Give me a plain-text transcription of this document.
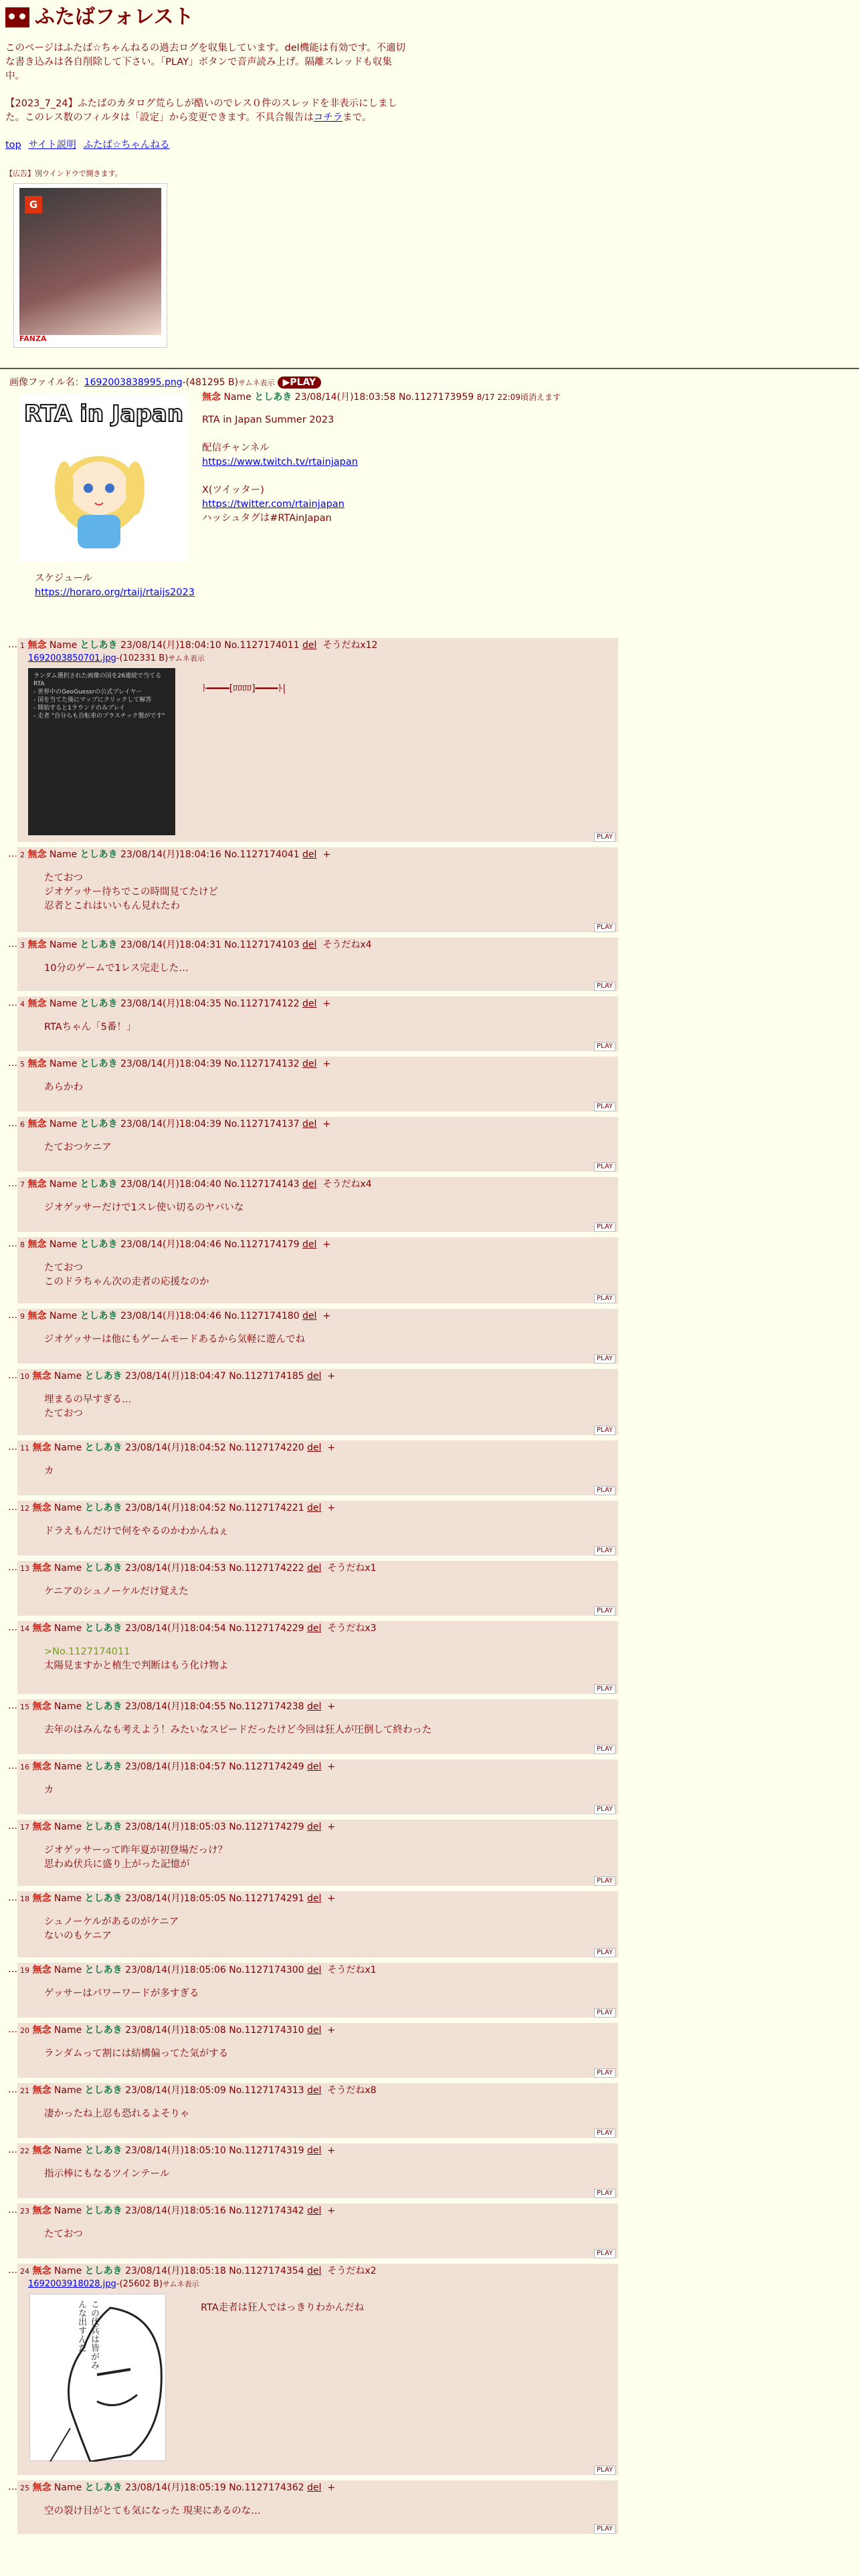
ふたばフォレスト

このページはふたば☆ちゃんねるの過去ログを収集しています。del機能は有効です。不適切な書き込みは各自削除して下さい。「PLAY」ボタンで音声読み上げ。隔離スレッドも収集中。

【2023_7_24】ふたばのカタログ荒らしが酷いのでレス０件のスレッドを非表示にしました。このレス数のフィルタは「設定」から変更できます。不具合報告はコチラまで。

top サイト説明 ふたば☆ちゃんねる

【広告】別ウインドウで開きます。
G
FANZA
画像ファイル名：1692003838995.png-(481295 B)サムネ表示 ▶PLAY
RTA in Japan
無念 Name としあき 23/08/14(月)18:03:58 No.1127173959 8/17 22:09頃消えます
RTA in Japan Summer 2023
配信チャンネル
https://www.twitch.tv/rtainjapan
X(ツイッター)
https://twitter.com/rtainjapan
ハッシュタグは#RTAinJapan
スケジュール
https://horaro.org/rtaij/rtaijs2023
… 1 無念 Name としあき 23/08/14(月)18:04:10 No.1127174011 del そうだねx12
1692003850701.jpg-(102331 B)サムネ表示
ランダム選択された画像の国を26連続で当てるRTA
- 世界中のGeoGuessrの公式プレイヤー
- 国を当てた後にマップにクリックして解答
- 開始すると1ラウンドのみプレイ
- 走者 "自分らも自転車のプラスチック製がです"
ﾄ━━━━[ﾛﾛﾛﾛ]━━━━ﾄ|
PLAY
… 2 無念 Name としあき 23/08/14(月)18:04:16 No.1127174041 del +
たておつ
ジオゲッサー待ちでこの時間見てたけど
忍者とこれはいいもん見れたわ
PLAY
… 3 無念 Name としあき 23/08/14(月)18:04:31 No.1127174103 del そうだねx4
10分のゲームで1レス完走した…
PLAY
… 4 無念 Name としあき 23/08/14(月)18:04:35 No.1127174122 del +
RTAちゃん「5番！」
PLAY
… 5 無念 Name としあき 23/08/14(月)18:04:39 No.1127174132 del +
あらかわ
PLAY
… 6 無念 Name としあき 23/08/14(月)18:04:39 No.1127174137 del +
たておつケニア
PLAY
… 7 無念 Name としあき 23/08/14(月)18:04:40 No.1127174143 del そうだねx4
ジオゲッサーだけで1スレ使い切るのヤバいな
PLAY
… 8 無念 Name としあき 23/08/14(月)18:04:46 No.1127174179 del +
たておつ
このドラちゃん次の走者の応援なのか
PLAY
… 9 無念 Name としあき 23/08/14(月)18:04:46 No.1127174180 del +
ジオゲッサーは他にもゲームモードあるから気軽に遊んでね
PLAY
… 10 無念 Name としあき 23/08/14(月)18:04:47 No.1127174185 del +
埋まるの早すぎる…
たておつ
PLAY
… 11 無念 Name としあき 23/08/14(月)18:04:52 No.1127174220 del +
カ
PLAY
… 12 無念 Name としあき 23/08/14(月)18:04:52 No.1127174221 del +
ドラえもんだけで何をやるのかわかんねぇ
PLAY
… 13 無念 Name としあき 23/08/14(月)18:04:53 No.1127174222 del そうだねx1
ケニアのシュノーケルだけ覚えた
PLAY
… 14 無念 Name としあき 23/08/14(月)18:04:54 No.1127174229 del そうだねx3
>No.1127174011
太陽見ますかと植生で判断はもう化け物よ
PLAY
… 15 無念 Name としあき 23/08/14(月)18:04:55 No.1127174238 del +
去年のはみんなも考えよう！みたいなスピードだったけど今回は狂人が圧倒して終わった
PLAY
… 16 無念 Name としあき 23/08/14(月)18:04:57 No.1127174249 del +
カ
PLAY
… 17 無念 Name としあき 23/08/14(月)18:05:03 No.1127174279 del +
ジオゲッサーって昨年夏が初登場だっけ？
思わぬ伏兵に盛り上がった記憶が
PLAY
… 18 無念 Name としあき 23/08/14(月)18:05:05 No.1127174291 del +
シュノーケルがあるのがケニア
ないのもケニア
PLAY
… 19 無念 Name としあき 23/08/14(月)18:05:06 No.1127174300 del そうだねx1
ゲッサーはパワーワードが多すぎる
PLAY
… 20 無念 Name としあき 23/08/14(月)18:05:08 No.1127174310 del +
ランダムって割には結構偏ってた気がする
PLAY
… 21 無念 Name としあき 23/08/14(月)18:05:09 No.1127174313 del そうだねx8
凄かったね上忍も恐れるよそりゃ
PLAY
… 22 無念 Name としあき 23/08/14(月)18:05:10 No.1127174319 del +
指示棒にもなるツインテール
PLAY
… 23 無念 Name としあき 23/08/14(月)18:05:16 No.1127174342 del +
たておつ
PLAY
… 24 無念 Name としあき 23/08/14(月)18:05:18 No.1127174354 del そうだねx2
1692003918028.jpg-(25602 B)サムネ表示
この伏兵は皆がみんな出すんだ	RTA走者は狂人ではっきりわかんだね
PLAY
… 25 無念 Name としあき 23/08/14(月)18:05:19 No.1127174362 del +
空の裂け目がとても気になった 現実にあるのな…
PLAY
